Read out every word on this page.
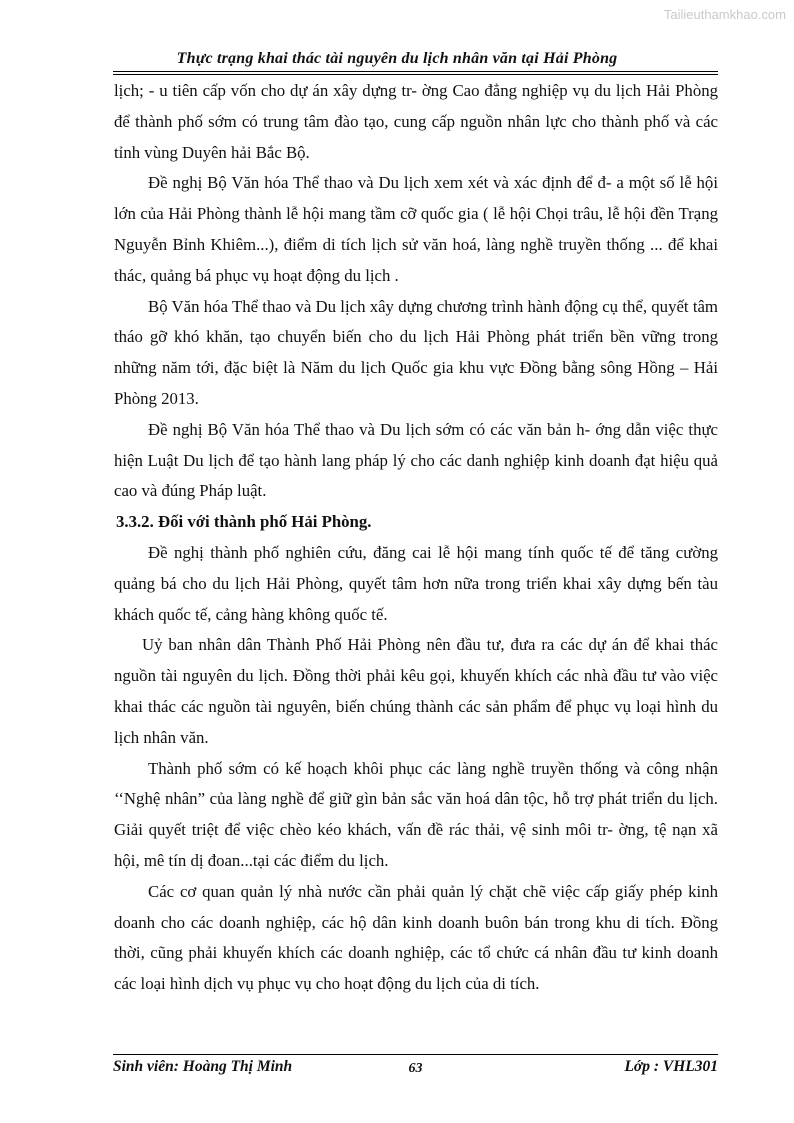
Tailieuthamkhao.com
Thực trạng khai thác tài nguyên du lịch nhân văn tại Hải Phòng

lịch; - u tiên cấp vốn cho dự án xây dựng tr- ờng Cao đẳng nghiệp vụ du lịch Hải Phòng để thành phố sớm có trung tâm đào tạo, cung cấp nguồn nhân lực cho thành phố và các tỉnh vùng Duyên hải Bắc Bộ.

Đề nghị Bộ Văn hóa Thể thao và Du lịch xem xét và xác định để đ- a một số lễ hội lớn của Hải Phòng thành lễ hội mang tầm cỡ quốc gia ( lễ hội Chọi trâu, lễ hội đền Trạng Nguyễn Bỉnh Khiêm...), điểm di tích lịch sử văn hoá, làng nghề truyền thống ... để khai thác, quảng bá phục vụ hoạt động du lịch .

Bộ Văn hóa Thể thao và Du lịch xây dựng chương trình hành động cụ thể, quyết tâm tháo gỡ khó khăn, tạo chuyển biến cho du lịch Hải Phòng phát triển bền vững trong những năm tới, đặc biệt là Năm du lịch Quốc gia khu vực Đồng bằng sông Hồng – Hải Phòng 2013.

Đề nghị Bộ Văn hóa Thể thao và Du lịch sớm có các văn bản h- ớng dẫn việc thực hiện Luật Du lịch để tạo hành lang pháp lý cho các danh nghiệp kinh doanh đạt hiệu quả cao và đúng Pháp luật.

3.3.2. Đối với thành phố Hải Phòng.

Đề nghị thành phố nghiên cứu, đăng cai lễ hội mang tính quốc tế để tăng cường quảng bá cho du lịch Hải Phòng, quyết tâm hơn nữa trong triển khai xây dựng bến tàu khách quốc tế, cảng hàng không quốc tế.

Uỷ ban nhân dân Thành Phố Hải Phòng nên đầu tư, đưa ra các dự án để khai thác nguồn tài nguyên du lịch. Đồng thời phải kêu gọi, khuyến khích các nhà đầu tư vào việc khai thác các nguồn tài nguyên, biến chúng thành các sản phẩm để phục vụ loại hình du lịch nhân văn.

Thành phố sớm có kế hoạch khôi phục các làng nghề truyền thống và công nhận ‘‘Nghệ nhân” của làng nghề để giữ gìn bản sắc văn hoá dân tộc, hỗ trợ phát triển du lịch. Giải quyết triệt để việc chèo kéo khách, vấn đề rác thải, vệ sinh môi tr- ờng, tệ nạn xã hội, mê tín dị đoan...tại các điểm du lịch.

Các cơ quan quản lý nhà nước cần phải quản lý chặt chẽ việc cấp giấy phép kinh doanh cho các doanh nghiệp, các hộ dân kinh doanh buôn bán trong khu di tích. Đồng thời, cũng phải khuyến khích các doanh nghiệp, các tổ chức cá nhân đầu tư kinh doanh các loại hình dịch vụ phục vụ cho hoạt động du lịch của di tích.

Sinh viên: Hoàng Thị Minh	63	Lớp : VHL301
